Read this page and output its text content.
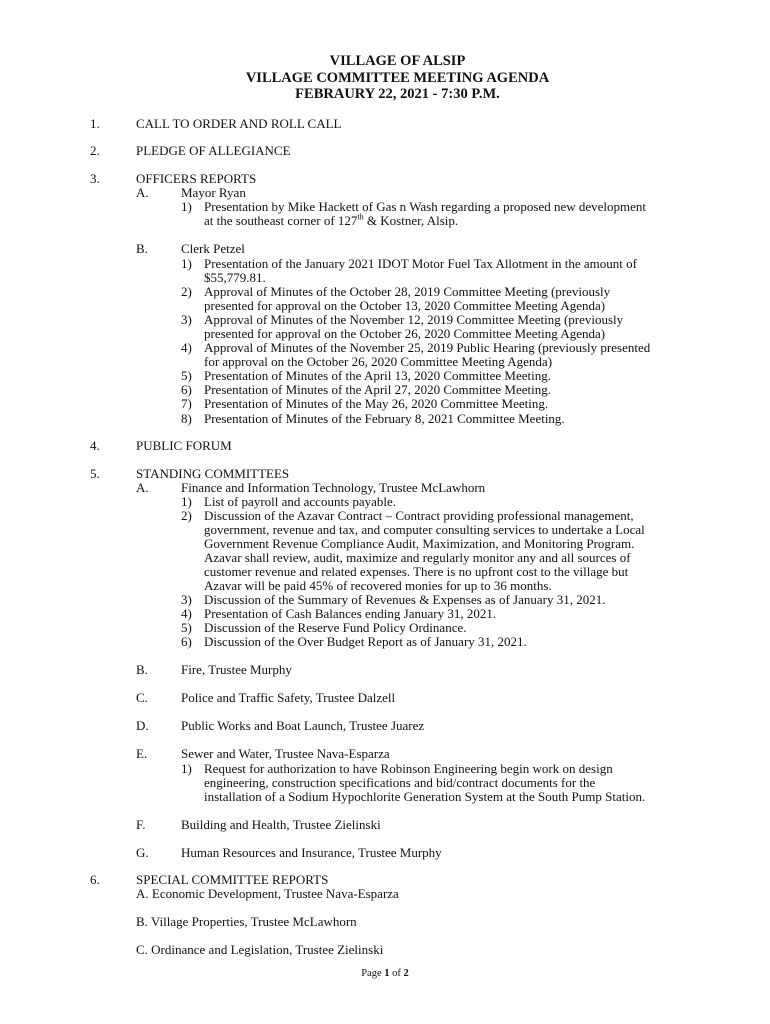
VILLAGE OF ALSIP
VILLAGE COMMITTEE MEETING AGENDA
FEBRAURY 22, 2021 - 7:30 P.M.
1.	CALL TO ORDER AND ROLL CALL
2.	PLEDGE OF ALLEGIANCE
3.	OFFICERS REPORTS
A. Mayor Ryan
1) Presentation by Mike Hackett of Gas n Wash regarding a proposed new development
at the southeast corner of 127th & Kostner, Alsip.
B.	Clerk Petzel
1) Presentation of the January 2021 IDOT Motor Fuel Tax Allotment in the amount of
$55,779.81.
2) Approval of Minutes of the October 28, 2019 Committee Meeting (previously
presented for approval on the October 13, 2020 Committee Meeting Agenda)
3) Approval of Minutes of the November 12, 2019 Committee Meeting (previously
presented for approval on the October 26, 2020 Committee Meeting Agenda)
4) Approval of Minutes of the November 25, 2019 Public Hearing (previously presented
for approval on the October 26, 2020 Committee Meeting Agenda)
5) Presentation of Minutes of the April 13, 2020 Committee Meeting.
6) Presentation of Minutes of the April 27, 2020 Committee Meeting.
7) Presentation of Minutes of the May 26, 2020 Committee Meeting.
8) Presentation of Minutes of the February 8, 2021 Committee Meeting.
4.	PUBLIC FORUM
5.	STANDING COMMITTEES
A. Finance and Information Technology, Trustee McLawhorn
1) List of payroll and accounts payable.
2) Discussion of the Azavar Contract – Contract providing professional management,
government, revenue and tax, and computer consulting services to undertake a Local
Government Revenue Compliance Audit, Maximization, and Monitoring Program.
Azavar shall review, audit, maximize and regularly monitor any and all sources of
customer revenue and related expenses. There is no upfront cost to the village but
Azavar will be paid 45% of recovered monies for up to 36 months.
3) Discussion of the Summary of Revenues & Expenses as of January 31, 2021.
4) Presentation of Cash Balances ending January 31, 2021.
5) Discussion of the Reserve Fund Policy Ordinance.
6) Discussion of the Over Budget Report as of January 31, 2021.
B.	Fire, Trustee Murphy
C.	Police and Traffic Safety, Trustee Dalzell
D. Public Works and Boat Launch, Trustee Juarez
E.	Sewer and Water, Trustee Nava-Esparza
1) Request for authorization to have Robinson Engineering begin work on design
engineering, construction specifications and bid/contract documents for the
installation of a Sodium Hypochlorite Generation System at the South Pump Station.
F.	Building and Health, Trustee Zielinski
G. Human Resources and Insurance, Trustee Murphy
6.	SPECIAL COMMITTEE REPORTS
A. Economic Development, Trustee Nava-Esparza
B. Village Properties, Trustee McLawhorn
C. Ordinance and Legislation, Trustee Zielinski
Page 1 of 2
